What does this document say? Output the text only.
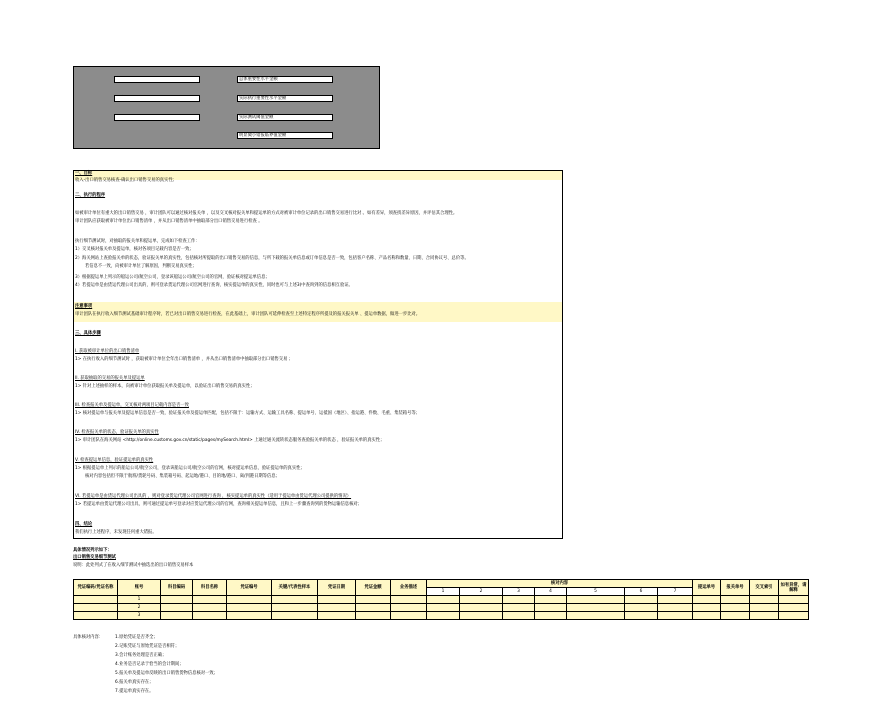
总体重要性水平金额
实际执行重要性水平金额
实际测试阈值金额
明显微小错报临界值金额
一、目标
收入-出口销售交易核查-确认出口销售交易的真实性；
二、执行的程序
如被审计单位有重大的出口销售交易 ，审计团队可以通过核对报关单 ，以及交叉核对报关单和提运单的方式对被审计单位记录的出口销售交易进行比对 。如有差异，须查找差异原因，并评估其合理性。
审计团队应获取被审计单位出口销售清单 ，并从出口销售清单中抽取部分出口销售交易进行检查 。
执行细节测试时，对抽取的报关单和提运单，完成如下检查工作：
1）交叉核对报关单及提运单，核对各项目记载内容是否一致；
2）海关网站上查验报关单的状态，验证报关单的真实性，包括核对所提取的出口销售交易的信息，与所下载的报关单信息或订单信息是否一致，包括客户名称、产品名称和数量、日期、合同协议号、总价等。
若信息不一致，向被审计单位了解原因，判断交易真实性；
3）根据提运单上列示的船运公司/航空公司，登录该船运公司/航空公司的官网，验证核对提运单信息；
4）若提运单是由货运代理公司出具的，则可登录货运代理公司官网进行查询，核实提运单的真实性，同时也可与上述3)中查询到的信息相互验证。
注意事项
审计团队在执行收入细节测试基础审计程序时，若已对出口销售交易进行检查，在此基础上，审计团队可延伸检查至上述特定程序所提及的报关报关单 、提运单数据，做进一步比对。
三、具体步骤
I. 获取被审计单位的出口销售清单
1> 在执行收入的细节测试时 ，获取被审计单位全年出口销售清单 ，并从出口销售清单中抽取部分出口销售交易 ；
II. 获取抽取的交易的报关单及提运单
1> 针对上述抽样的样本，向被审计单位获取报关单及提运单，以验证出口销售交易的真实性；
III. 检查报关单及提运单，交叉核对两项目记载内容是否一致
1> 核对提运单与报关单及提运单信息是否一致，验证报关单及提运单匹配，包括不限于：运输方式、运输工具名称、提运单号、运抵国（地区）、指运港、件数、毛重、集装箱号等；
IV. 检查报关单的状态，验证报关单的真实性
1> 审计团队在海关网站 <http://online.customs.gov.cn/static/pages/mySearch.html> 上通过通关流转状态服务查验报关单的状态 ，验证报关单的真实性；
V. 检查提运单信息，验证提运单的真实性
1> 根据提运单上列示的船运公司/航空公司，登录该船运公司/航空公司的官网，核对提运单信息，验证提运单的真实性；
核对内容包括但不限于航班/货轮号码、集装箱号码、起运地/港口、目的地/港口、离/到港日期等信息；
VI. 若提运单是由货运代理公司出具的 ，则对登录货运代理公司官网进行查询 ，核实提运单的真实性（适用于提运单由货运代理公司提供的情况）
1> 若提运单由货运代理公司出具，则可通过提运单号登录对应货运代理公司的官网，查询相关提运单信息，且和上一步骤查询到的货物运输信息核对；
四、结论
我们执行上述程序，未发现任何重大错报。
具体情况列示如下：
出口销售交易细节测试
说明：此处列式了在收入细节测试中抽选出的出口销售交易样本
凭证编码/凭证名称	账号	科目编码	科目名称	凭证编号	关键/代表性样本	凭证日期	凭证金额	业务描述	核对内容							提运单号	报关单号	交叉索引	如有异常，请解释
									1	2	3	4	5	6	7				
	1																		
	2																		
	3																		
具体核对内容：	1.原始凭证是否齐全；
2.记账凭证与原始凭证是否相符；
3.会计账务处理是否正确；
4.业务是否记录于恰当的会计期间；
5.报关单及提运单反映的出口销售货物信息核对一致；
6.报关单真实存在；
7.提运单真实存在。
